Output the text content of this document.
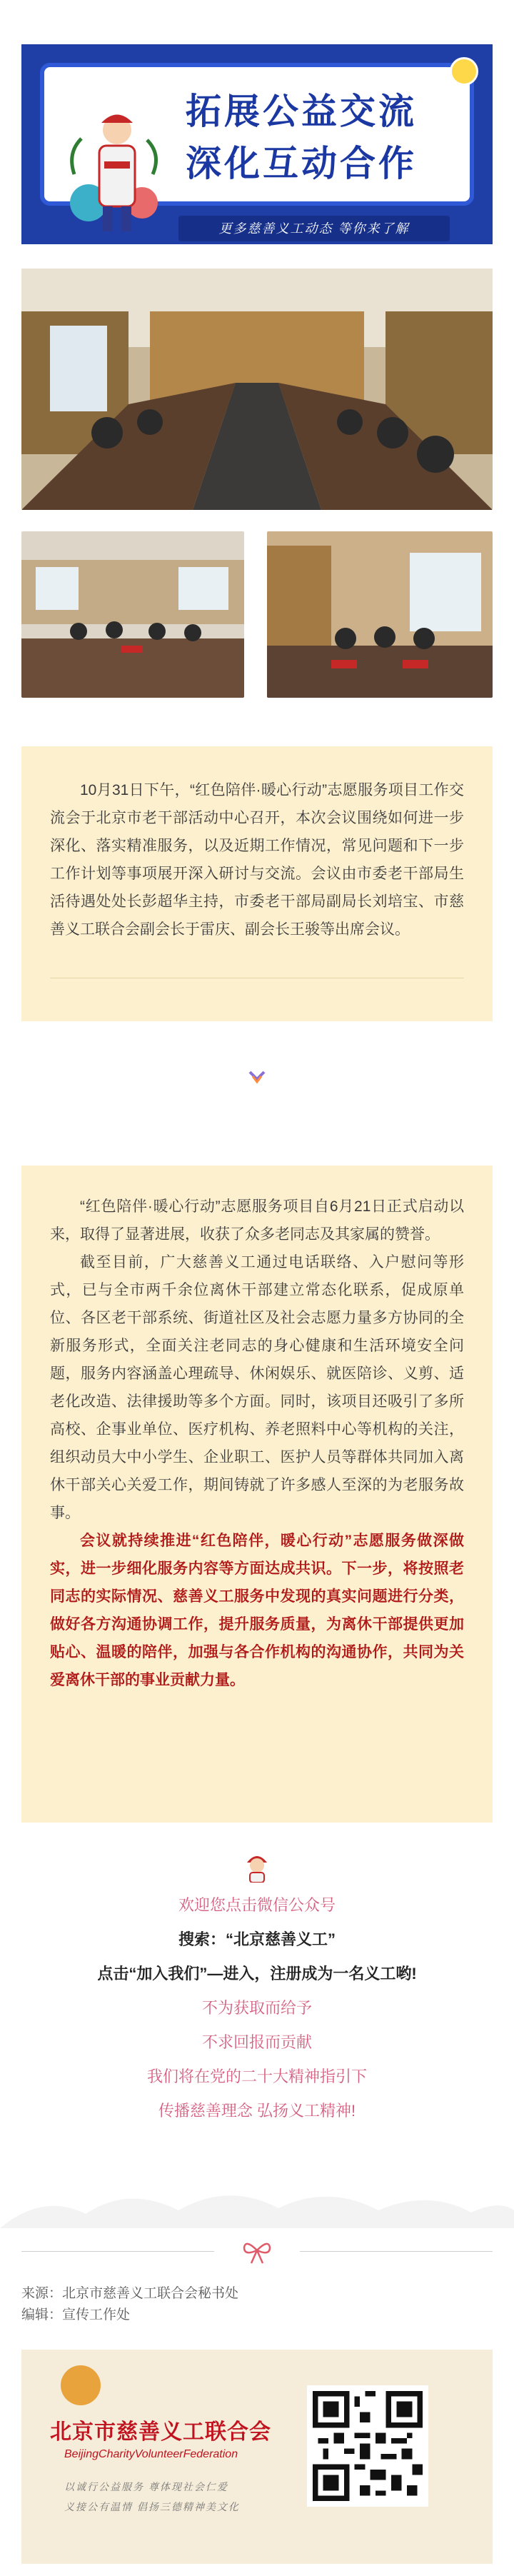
拓展公益交流
深化互动合作
更多慈善义工动态 等你来了解

10月31日下午，“红色陪伴·暖心行动”志愿服务项目工作交流会于北京市老干部活动中心召开，本次会议围绕如何进一步深化、落实精准服务，以及近期工作情况，常见问题和下一步工作计划等事项展开深入研讨与交流。会议由市委老干部局生活待遇处处长彭超华主持，市委老干部局副局长刘培宝、市慈善义工联合会副会长于雷庆、副会长王骏等出席会议。

“红色陪伴·暖心行动”志愿服务项目自6月21日正式启动以来，取得了显著进展，收获了众多老同志及其家属的赞誉。

截至目前，广大慈善义工通过电话联络、入户慰问等形式，已与全市两千余位离休干部建立常态化联系，促成原单位、各区老干部系统、街道社区及社会志愿力量多方协同的全新服务形式，全面关注老同志的身心健康和生活环境安全问题，服务内容涵盖心理疏导、休闲娱乐、就医陪诊、义剪、适老化改造、法律援助等多个方面。同时，该项目还吸引了多所高校、企事业单位、医疗机构、养老照料中心等机构的关注，组织动员大中小学生、企业职工、医护人员等群体共同加入离休干部关心关爱工作，期间铸就了许多感人至深的为老服务故事。

会议就持续推进“红色陪伴，暖心行动”志愿服务做深做实，进一步细化服务内容等方面达成共识。下一步，将按照老同志的实际情况、慈善义工服务中发现的真实问题进行分类，做好各方沟通协调工作，提升服务质量，为离休干部提供更加贴心、温暖的陪伴，加强与各合作机构的沟通协作，共同为关爱离休干部的事业贡献力量。

欢迎您点击微信公众号

搜索：“北京慈善义工”

点击“加入我们”—进入，注册成为一名义工哟!

不为获取而给予

不求回报而贡献

我们将在党的二十大精神指引下

传播慈善理念 弘扬义工精神!

来源：北京市慈善义工联合会秘书处
编辑：宣传工作处
北京市慈善义工联合会
BeijingCharityVolunteerFederation
以诚行公益服务 尊体现社会仁爱
义接公有温情 倡扬三德精神美文化
